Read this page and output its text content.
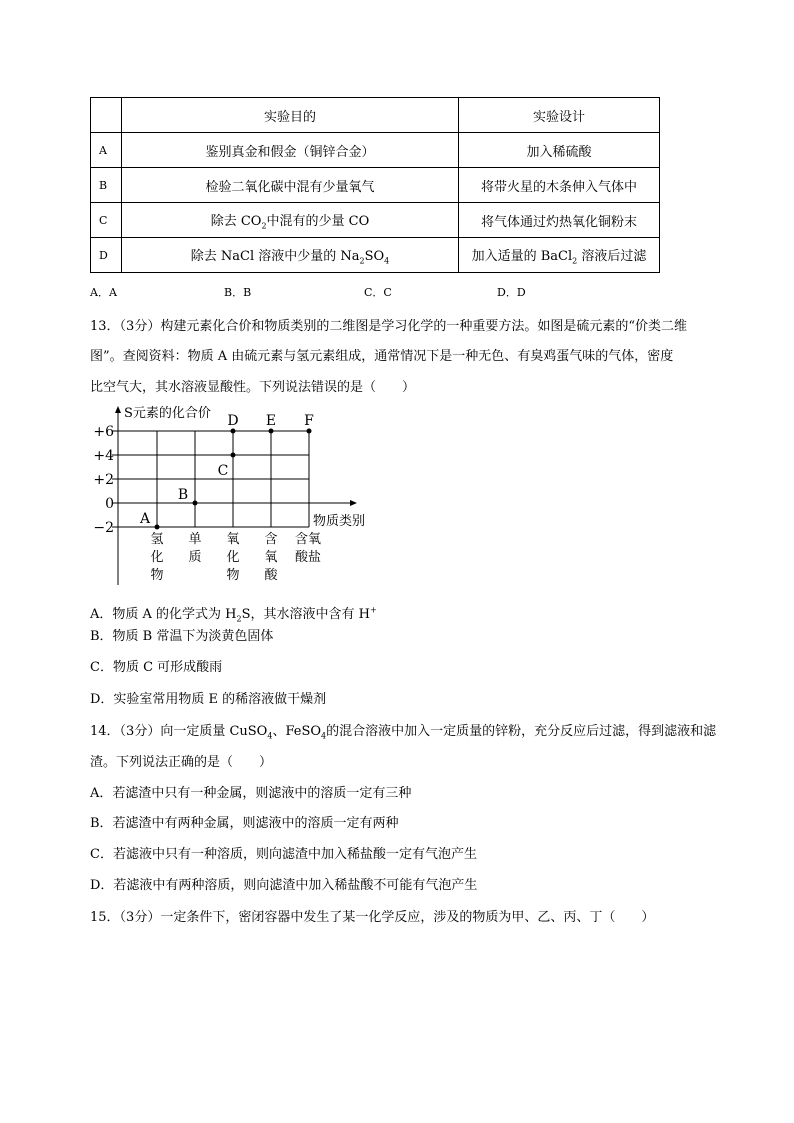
	实验目的	实验设计
A	鉴别真金和假金（铜锌合金）	加入稀硫酸
B	检验二氧化碳中混有少量氧气	将带火星的木条伸入气体中
C	除去 $CO_2$中混有的少量 CO	将气体通过灼热氧化铜粉末
D	除去 NaCl 溶液中少量的 $Na_2SO_4$	加入适量的 BaCl$_2$ 溶液后过滤
A．A	B．B	C．C	D．D
13．（3分）构建元素化合价和物质类别的二维图是学习化学的一种重要方法。如图是硫元素的“价类二维
图”。查阅资料：物质 A 由硫元素与氢元素组成，通常情况下是一种无色、有臭鸡蛋气味的气体，密度
比空气大，其水溶液显酸性。下列说法错误的是（　　）
+6
+4
+2
0
−2
氢
化
物
单
质
氧
化
物
含
氧
酸
含氧
酸盐
A
B
C
D E F
S元素的化合价
物质类别
A．物质 A 的化学式为 $H_2S$，其水溶液中含有 H+
B．物质 B 常温下为淡黄色固体
C．物质 C 可形成酸雨
D．实验室常用物质 E 的稀溶液做干燥剂
14．（3分）向一定质量 CuSO$_4$、FeSO$_4$的混合溶液中加入一定质量的锌粉，充分反应后过滤，得到滤液和滤
渣。下列说法正确的是（　　）
A．若滤渣中只有一种金属，则滤液中的溶质一定有三种
B．若滤渣中有两种金属，则滤液中的溶质一定有两种
C．若滤液中只有一种溶质，则向滤渣中加入稀盐酸一定有气泡产生
D．若滤液中有两种溶质，则向滤渣中加入稀盐酸不可能有气泡产生
15．（3分）一定条件下，密闭容器中发生了某一化学反应，涉及的物质为甲、乙、丙、丁（　　）
